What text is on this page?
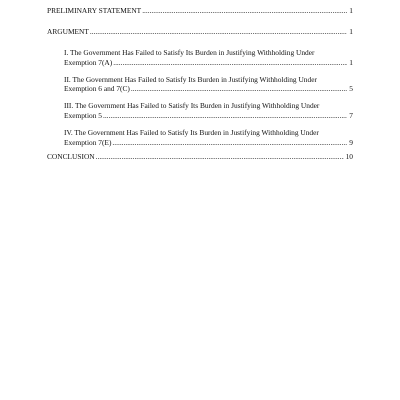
PRELIMINARY STATEMENT .....	1
ARGUMENT .....	1
I. The Government Has Failed to Satisfy Its Burden in Justifying Withholding Under
Exemption 7(A) .....	1
II. The Government Has Failed to Satisfy Its Burden in Justifying Withholding Under
Exemption 6 and 7(C) .....	5
III. The Government Has Failed to Satisfy Its Burden in Justifying Withholding Under
Exemption 5 .....	7
IV. The Government Has Failed to Satisfy Its Burden in Justifying Withholding Under
Exemption 7(E) .....	9
CONCLUSION .....	10
